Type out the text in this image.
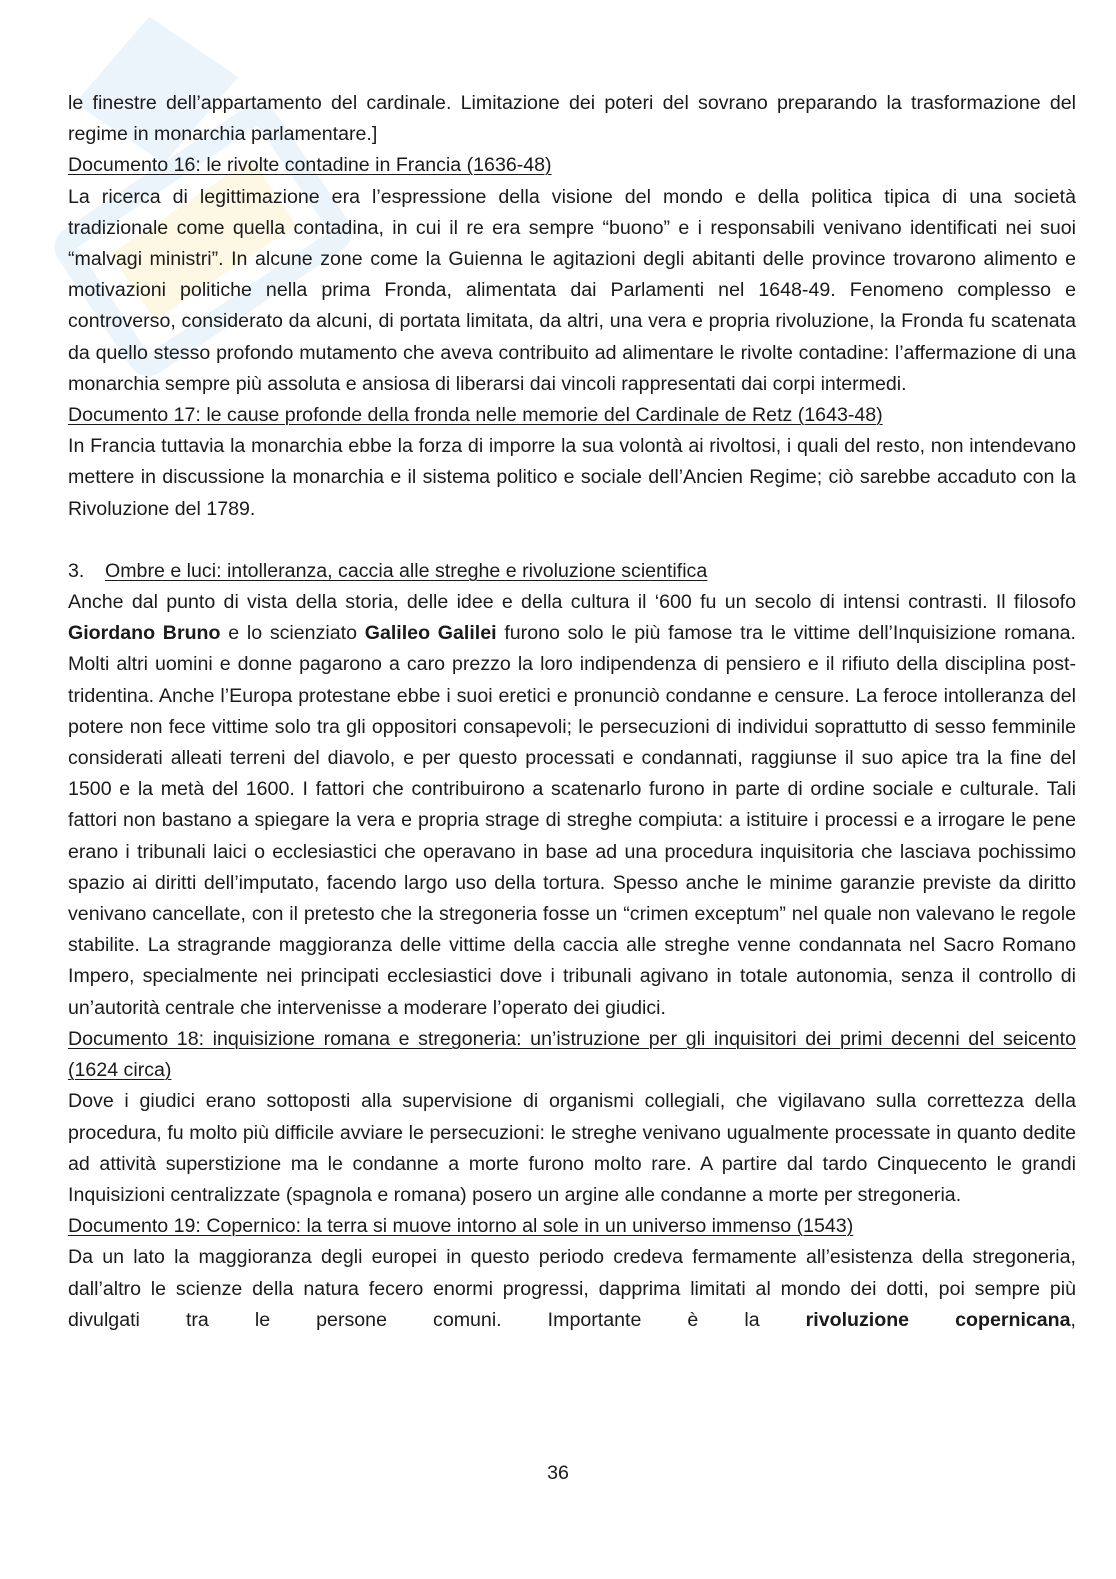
le finestre dell’appartamento del cardinale. Limitazione dei poteri del sovrano preparando la trasformazione del regime in monarchia parlamentare.]

Documento 16: le rivolte contadine in Francia (1636-48)

La ricerca di legittimazione era l’espressione della visione del mondo e della politica tipica di una società tradizionale come quella contadina, in cui il re era sempre “buono” e i responsabili venivano identificati nei suoi “malvagi ministri”. In alcune zone come la Guienna le agitazioni degli abitanti delle province trovarono alimento e motivazioni politiche nella prima Fronda, alimentata dai Parlamenti nel 1648-49. Fenomeno complesso e controverso, considerato da alcuni, di portata limitata, da altri, una vera e propria rivoluzione, la Fronda fu scatenata da quello stesso profondo mutamento che aveva contribuito ad alimentare le rivolte contadine: l’affermazione di una monarchia sempre più assoluta e ansiosa di liberarsi dai vincoli rappresentati dai corpi intermedi.

Documento 17: le cause profonde della fronda nelle memorie del Cardinale de Retz (1643-48)

In Francia tuttavia la monarchia ebbe la forza di imporre la sua volontà ai rivoltosi, i quali del resto, non intendevano mettere in discussione la monarchia e il sistema politico e sociale dell’Ancien Regime; ciò sarebbe accaduto con la Rivoluzione del 1789.

3. Ombre e luci: intolleranza, caccia alle streghe e rivoluzione scientifica

Anche dal punto di vista della storia, delle idee e della cultura il ‘600 fu un secolo di intensi contrasti. Il filosofo Giordano Bruno e lo scienziato Galileo Galilei furono solo le più famose tra le vittime dell’Inquisizione romana. Molti altri uomini e donne pagarono a caro prezzo la loro indipendenza di pensiero e il rifiuto della disciplina post-tridentina. Anche l’Europa protestane ebbe i suoi eretici e pronunciò condanne e censure. La feroce intolleranza del potere non fece vittime solo tra gli oppositori consapevoli; le persecuzioni di individui soprattutto di sesso femminile considerati alleati terreni del diavolo, e per questo processati e condannati, raggiunse il suo apice tra la fine del 1500 e la metà del 1600. I fattori che contribuirono a scatenarlo furono in parte di ordine sociale e culturale. Tali fattori non bastano a spiegare la vera e propria strage di streghe compiuta: a istituire i processi e a irrogare le pene erano i tribunali laici o ecclesiastici che operavano in base ad una procedura inquisitoria che lasciava pochissimo spazio ai diritti dell’imputato, facendo largo uso della tortura. Spesso anche le minime garanzie previste da diritto venivano cancellate, con il pretesto che la stregoneria fosse un “crimen exceptum” nel quale non valevano le regole stabilite. La stragrande maggioranza delle vittime della caccia alle streghe venne condannata nel Sacro Romano Impero, specialmente nei principati ecclesiastici dove i tribunali agivano in totale autonomia, senza il controllo di un’autorità centrale che intervenisse a moderare l’operato dei giudici.

Documento 18: inquisizione romana e stregoneria: un’istruzione per gli inquisitori dei primi decenni del seicento (1624 circa)

Dove i giudici erano sottoposti alla supervisione di organismi collegiali, che vigilavano sulla correttezza della procedura, fu molto più difficile avviare le persecuzioni: le streghe venivano ugualmente processate in quanto dedite ad attività superstizione ma le condanne a morte furono molto rare. A partire dal tardo Cinquecento le grandi Inquisizioni centralizzate (spagnola e romana) posero un argine alle condanne a morte per stregoneria.

Documento 19: Copernico: la terra si muove intorno al sole in un universo immenso (1543)

Da un lato la maggioranza degli europei in questo periodo credeva fermamente all’esistenza della stregoneria, dall’altro le scienze della natura fecero enormi progressi, dapprima limitati al mondo dei dotti, poi sempre più divulgati tra le persone comuni. Importante è la rivoluzione copernicana,

36
